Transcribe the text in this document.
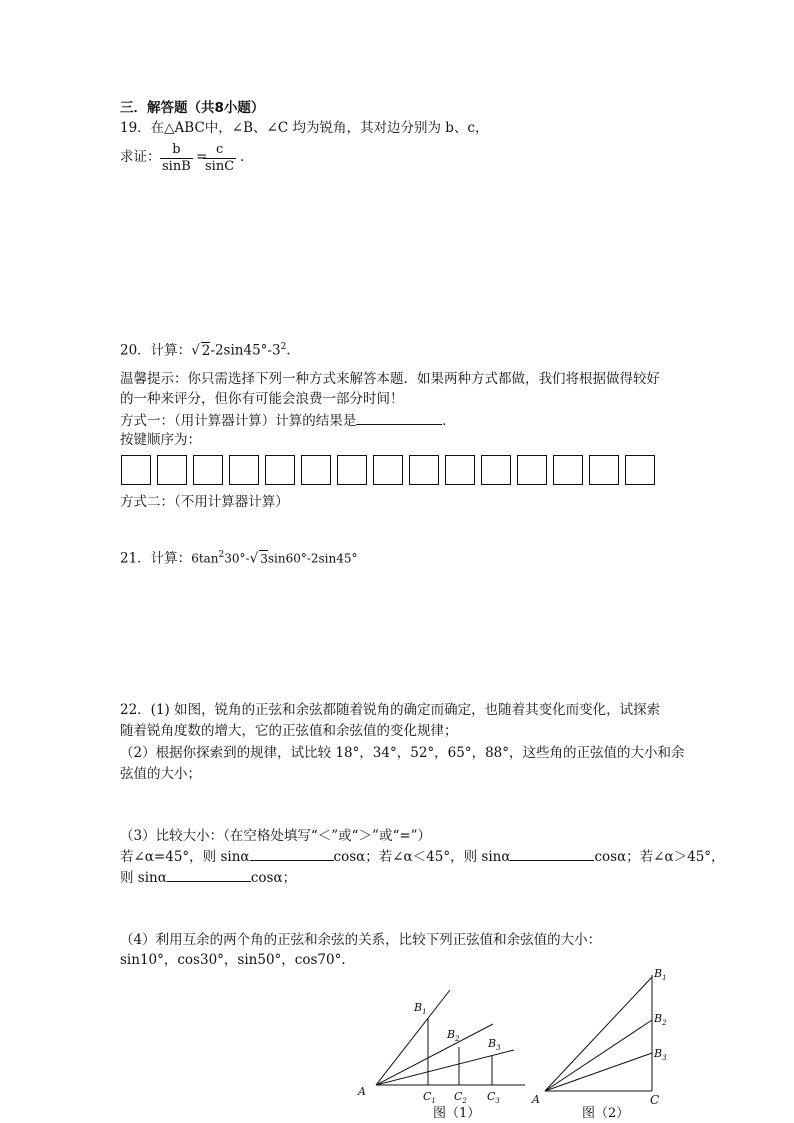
三．解答题（共8小题）
19．在△ABC中，∠B、∠C 均为锐角，其对边分别为 b、c，
求证： $\frac{b}{\sin B}$ =
$\frac{c}{\sin C}$ .
20．计算：√ $2-2\sin 45^\circ-3^2$.
温馨提示：你只需选择下列一种方式来解答本题．如果两种方式都做，我们将根据做得较好
的一种来评分，但你有可能会浪费一部分时间！
方式一：（用计算器计算）计算的结果是	．
按键顺序为：
方式二：（不用计算器计算）
21．计算：$6\tan^230^\circ-√$ 3sin60°-2sin45°
22．(1) 如图，锐角的正弦和余弦都随着锐角的确定而确定，也随着其变化而变化，试探索
随着锐角度数的增大，它的正弦值和余弦值的变化规律；
（2）根据你探索到的规律，试比较 18°，34°，52°，65°，88°，这些角的正弦值的大小和余
弦值的大小；
（3）比较大小：（在空格处填写“＜”或“＞”或“=”）
若∠α=45°，则 sinα	cosα；若∠α＜45°，则 sinα	cosα；若∠α＞45°，
则 sinα	cosα；
（4）利用互余的两个角的正弦和余弦的关系，比较下列正弦值和余弦值的大小：
sin10°，cos30°，sin50°，cos70°.
A
$B_1$
$B_2$	$B_3$
$C_1$ $C_2$ $C_3$	A	C
$B_1$
$B_2$
$B_3$
图（1）	图（2）
